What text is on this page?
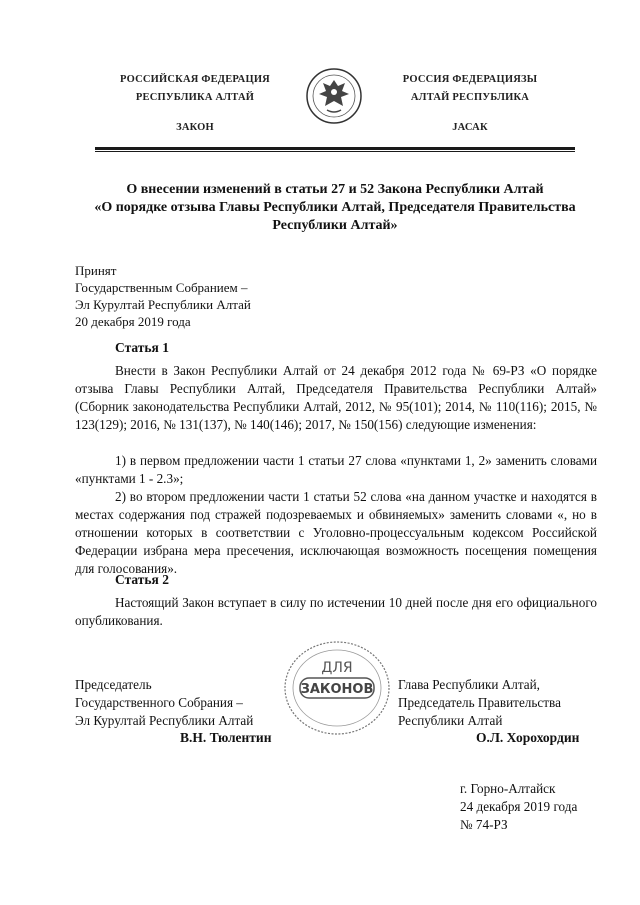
РОССИЙСКАЯ ФЕДЕРАЦИЯ
РЕСПУБЛИКА АЛТАЙ
ЗАКОН
РОССИЯ ФЕДЕРАЦИЯЗЫ
АЛТАЙ РЕСПУБЛИКА
ЈАСАК
О внесении изменений в статьи 27 и 52 Закона Республики Алтай
«О порядке отзыва Главы Республики Алтай, Председателя Правительства
Республики Алтай»
Принят
Государственным Собранием –
Эл Курултай Республики Алтай
20 декабря 2019 года
Статья 1
Внести в Закон Республики Алтай от 24 декабря 2012 года № 69-РЗ «О порядке отзыва Главы Республики Алтай, Председателя Правительства Республики Алтай» (Сборник законодательства Республики Алтай, 2012, № 95(101); 2014, № 110(116); 2015, № 123(129); 2016, № 131(137), № 140(146); 2017, № 150(156) следующие изменения:
1) в первом предложении части 1 статьи 27 слова «пунктами 1, 2» заменить словами «пунктами 1 - 2.3»;
2) во втором предложении части 1 статьи 52 слова «на данном участке и находятся в местах содержания под стражей подозреваемых и обвиняемых» заменить словами «, но в отношении которых в соответствии с Уголовно-процессуальным кодексом Российской Федерации избрана мера пресечения, исключающая возможность посещения помещения для голосования».
Статья 2
Настоящий Закон вступает в силу по истечении 10 дней после дня его официального опубликования.
ДЛЯ
ЗАКОНОВ
Председатель
Государственного Собрания –
Эл Курултай Республики Алтай
В.Н. Тюлентин
Глава Республики Алтай,
Председатель Правительства
Республики Алтай
О.Л. Хорохордин
г. Горно-Алтайск
24 декабря 2019 года
№ 74-РЗ
